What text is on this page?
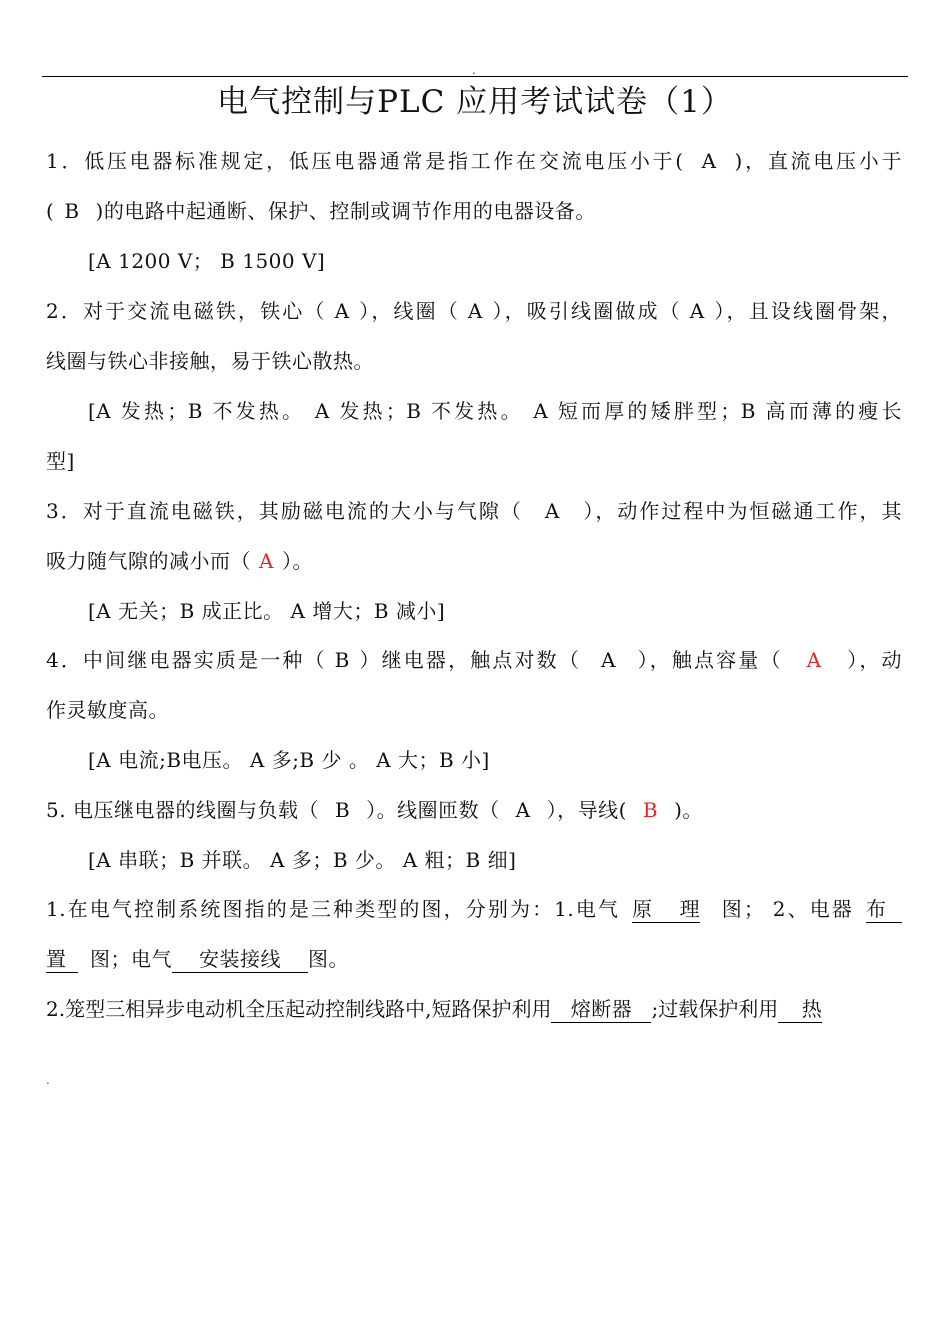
.
电气控制与PLC 应用考试试卷（1）
1．低压电器标准规定，低压电器通常是指工作在交流电压小于( A )，直流电压小于
( B )的电路中起通断、保护、控制或调节作用的电器设备。
[A 1200 V； B 1500 V]
2．对于交流电磁铁，铁心（ A ），线圈（ A ），吸引线圈做成（ A ），且设线圈骨架，
线圈与铁心非接触，易于铁心散热。
[A 发热；B 不发热。 A 发热；B 不发热。 A 短而厚的矮胖型；B 高而薄的瘦长
型]
3．对于直流电磁铁，其励磁电流的大小与气隙（ A ），动作过程中为恒磁通工作，其
吸力随气隙的减小而（ A ）。
[A 无关；B 成正比。 A 增大；B 减小]
4．中间继电器实质是一种（ B ）继电器，触点对数（ A ），触点容量（ A ），动
作灵敏度高。
[A 电流;B电压。 A 多;B 少 。 A 大；B 小]
5. 电压继电器的线圈与负载（ B ）。线圈匝数（ A ），导线( B )。
[A 串联；B 并联。 A 多；B 少。 A 粗；B 细]
1.在电气控制系统图指的是三种类型的图，分别为：1.电气 原理 图； 2、电器 布
置 图；电气 安装接线 图。
2.笼型三相异步电动机全压起动控制线路中,短路保护利用 熔断器 ;过载保护利用 热
.
